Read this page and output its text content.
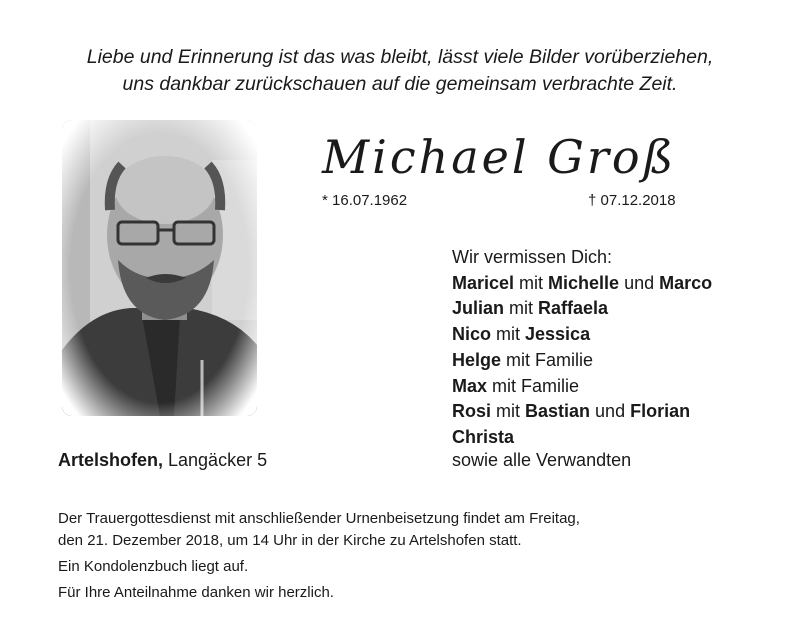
Liebe und Erinnerung ist das was bleibt, lässt viele Bilder vorüberziehen,
uns dankbar zurückschauen auf die gemeinsam verbrachte Zeit.
Michael Groß
* 16.07.1962	† 07.12.2018
Wir vermissen Dich:
Maricel mit Michelle und Marco
Julian mit Raffaela
Nico mit Jessica
Helge mit Familie
Max mit Familie
Rosi mit Bastian und Florian
Christa
Artelshofen, Langäcker 5	sowie alle Verwandten
Der Trauergottesdienst mit anschließender Urnenbeisetzung findet am Freitag,
den 21. Dezember 2018, um 14 Uhr in der Kirche zu Artelshofen statt.
Ein Kondolenzbuch liegt auf.
Für Ihre Anteilnahme danken wir herzlich.
